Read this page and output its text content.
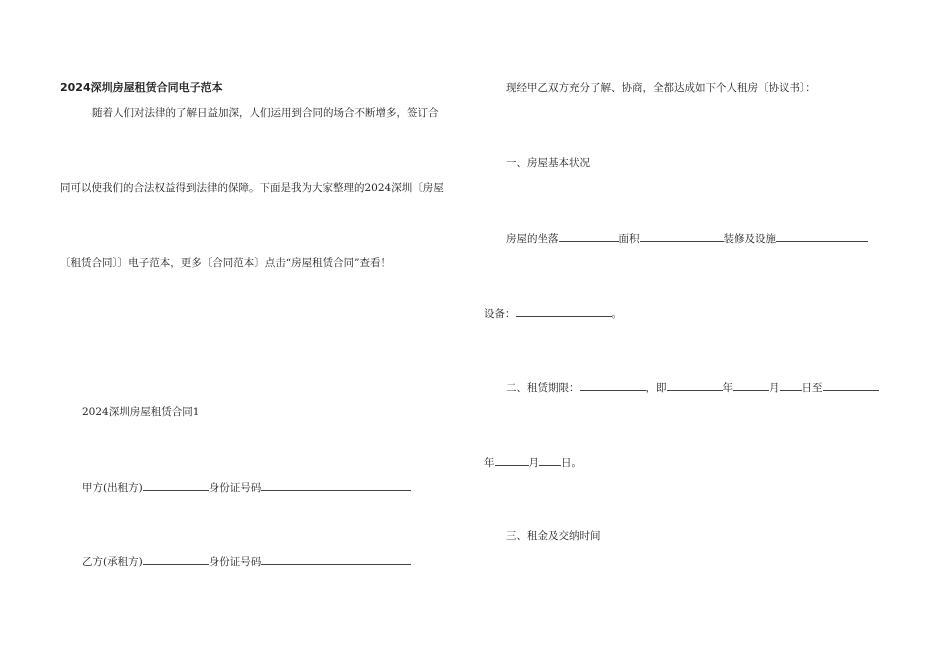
2024深圳房屋租赁合同电子范本
随着人们对法律的了解日益加深，人们运用到合同的场合不断增多，签订合
同可以使我们的合法权益得到法律的保障。下面是我为大家整理的2024深圳〔房屋
〔租赁合同〕〕电子范本，更多〔合同范本〕点击“房屋租赁合同”查看！
2024深圳房屋租赁合同1
甲方(出租方)	身份证号码
乙方(承租方)	身份证号码
现经甲乙双方充分了解、协商，全都达成如下个人租房〔协议书〕：
一、房屋基本状况
房屋的坐落	面积	装修及设施
设备：	。
二、租赁期限：	，即	年	月 日至
年	月 日。
三、租金及交纳时间
